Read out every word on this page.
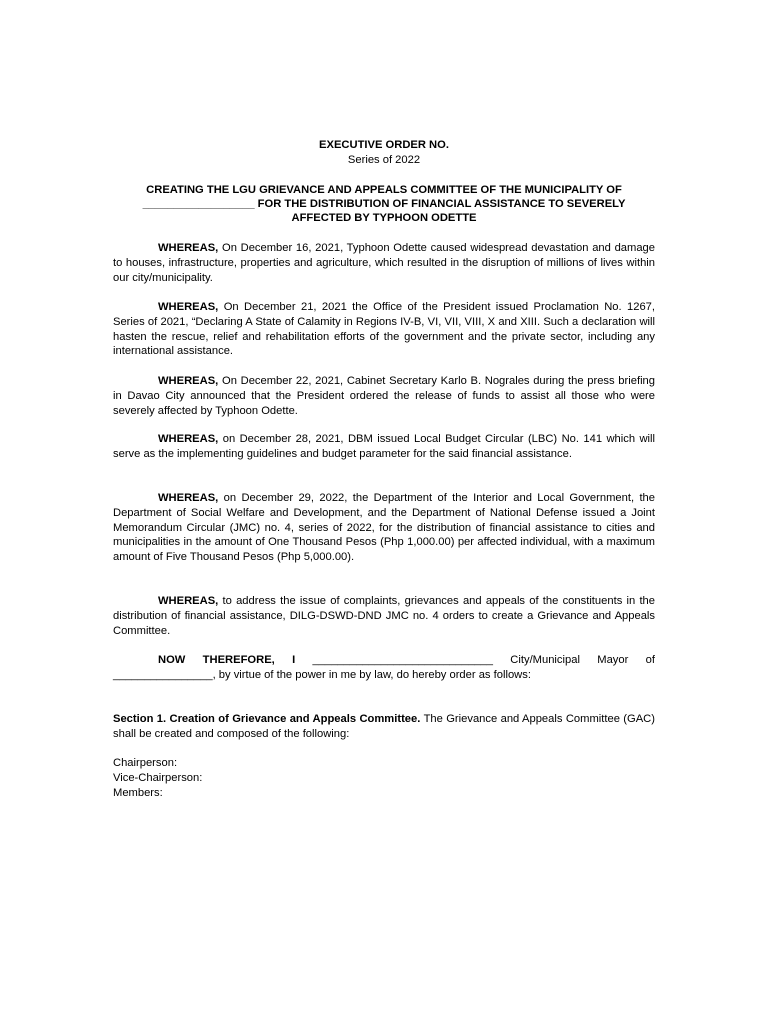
EXECUTIVE ORDER NO.
Series of 2022
CREATING THE LGU GRIEVANCE AND APPEALS COMMITTEE OF THE MUNICIPALITY OF
__________________ FOR THE DISTRIBUTION OF FINANCIAL ASSISTANCE TO SEVERELY
AFFECTED BY TYPHOON ODETTE

WHEREAS, On December 16, 2021, Typhoon Odette caused widespread devastation and damage to houses, infrastructure, properties and agriculture, which resulted in the disruption of millions of lives within our city/municipality.

WHEREAS, On December 21, 2021 the Office of the President issued Proclamation No. 1267, Series of 2021, “Declaring A State of Calamity in Regions IV-B, VI, VII, VIII, X and XIII. Such a declaration will hasten the rescue, relief and rehabilitation efforts of the government and the private sector, including any international assistance.

WHEREAS, On December 22, 2021, Cabinet Secretary Karlo B. Nograles during the press briefing in Davao City announced that the President ordered the release of funds to assist all those who were severely affected by Typhoon Odette.

WHEREAS, on December 28, 2021, DBM issued Local Budget Circular (LBC) No. 141 which will serve as the implementing guidelines and budget parameter for the said financial assistance.

WHEREAS, on December 29, 2022, the Department of the Interior and Local Government, the Department of Social Welfare and Development, and the Department of National Defense issued a Joint Memorandum Circular (JMC) no. 4, series of 2022, for the distribution of financial assistance to cities and municipalities in the amount of One Thousand Pesos (Php 1,000.00) per affected individual, with a maximum amount of Five Thousand Pesos (Php 5,000.00).

WHEREAS, to address the issue of complaints, grievances and appeals of the constituents in the distribution of financial assistance, DILG-DSWD-DND JMC no. 4 orders to create a Grievance and Appeals Committee.

NOW THEREFORE, I _____________________________ City/Municipal Mayor of ________________, by virtue of the power in me by law, do hereby order as follows:

Section 1. Creation of Grievance and Appeals Committee. The Grievance and Appeals Committee (GAC) shall be created and composed of the following:

Chairperson:
Vice-Chairperson:
Members:
